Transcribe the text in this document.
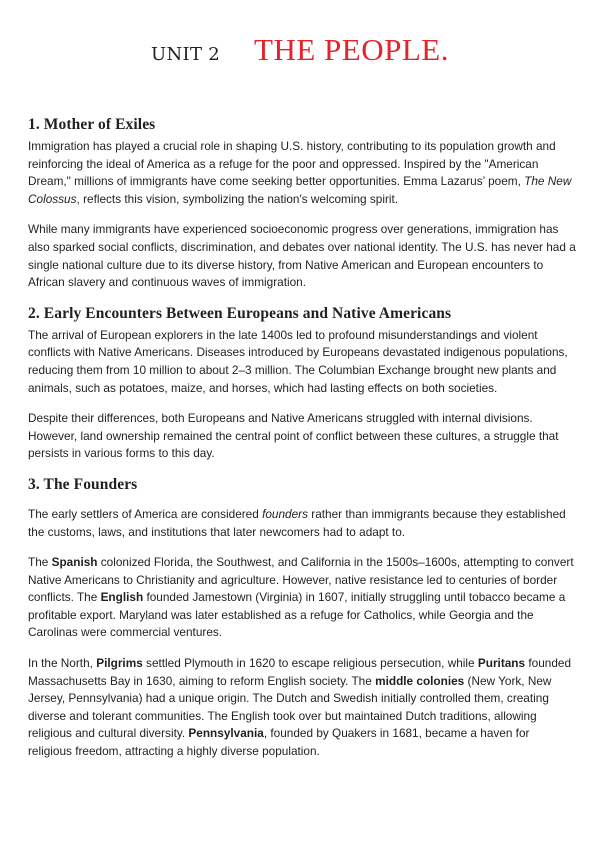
UNIT 2 THE PEOPLE.
1. Mother of Exiles

Immigration has played a crucial role in shaping U.S. history, contributing to its population growth and reinforcing the ideal of America as a refuge for the poor and oppressed. Inspired by the "American Dream," millions of immigrants have come seeking better opportunities. Emma Lazarus’ poem, The New Colossus, reflects this vision, symbolizing the nation's welcoming spirit.

While many immigrants have experienced socioeconomic progress over generations, immigration has also sparked social conflicts, discrimination, and debates over national identity. The U.S. has never had a single national culture due to its diverse history, from Native American and European encounters to African slavery and continuous waves of immigration.

2. Early Encounters Between Europeans and Native Americans

The arrival of European explorers in the late 1400s led to profound misunderstandings and violent conflicts with Native Americans. Diseases introduced by Europeans devastated indigenous populations, reducing them from 10 million to about 2–3 million. The Columbian Exchange brought new plants and animals, such as potatoes, maize, and horses, which had lasting effects on both societies.

Despite their differences, both Europeans and Native Americans struggled with internal divisions. However, land ownership remained the central point of conflict between these cultures, a struggle that persists in various forms to this day.

3. The Founders

The early settlers of America are considered founders rather than immigrants because they established the customs, laws, and institutions that later newcomers had to adapt to.

The Spanish colonized Florida, the Southwest, and California in the 1500s–1600s, attempting to convert Native Americans to Christianity and agriculture. However, native resistance led to centuries of border conflicts. The English founded Jamestown (Virginia) in 1607, initially struggling until tobacco became a profitable export. Maryland was later established as a refuge for Catholics, while Georgia and the Carolinas were commercial ventures.

In the North, Pilgrims settled Plymouth in 1620 to escape religious persecution, while Puritans founded Massachusetts Bay in 1630, aiming to reform English society. The middle colonies (New York, New Jersey, Pennsylvania) had a unique origin. The Dutch and Swedish initially controlled them, creating diverse and tolerant communities. The English took over but maintained Dutch traditions, allowing religious and cultural diversity. Pennsylvania, founded by Quakers in 1681, became a haven for religious freedom, attracting a highly diverse population.
